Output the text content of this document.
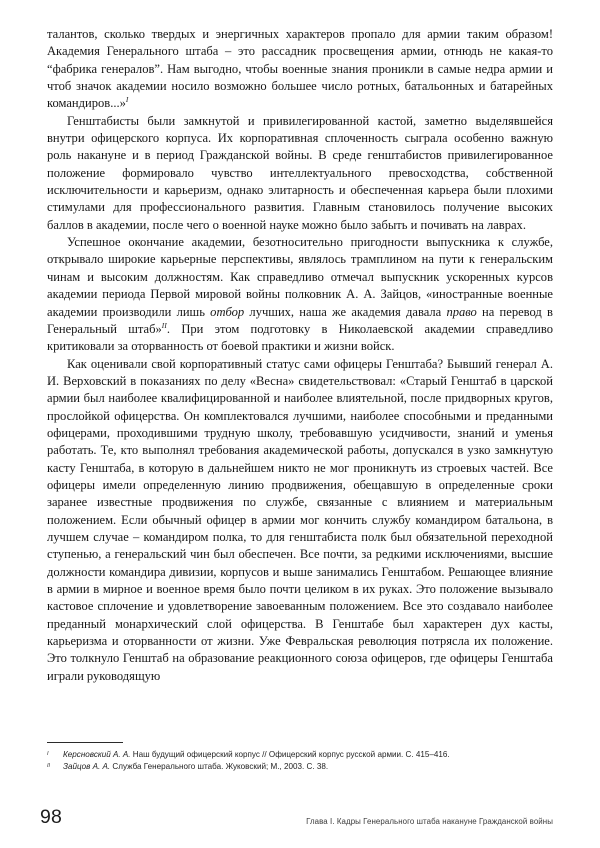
талантов, сколько твердых и энергичных характеров пропало для армии таким образом! Академия Генерального штаба – это рассадник просвещения армии, отнюдь не какая-то “фабрика генералов”. Нам выгодно, чтобы военные знания проникли в самые недра армии и чтоб значок академии носило возможно большее число ротных, батальонных и батарейных командиров...»$^I$

Генштабисты были замкнутой и привилегированной кастой, заметно выделявшейся внутри офицерского корпуса. Их корпоративная сплоченность сыграла особенно важную роль накануне и в период Гражданской войны. В среде генштабистов привилегированное положение формировало чувство интеллектуального превосходства, собственной исключительности и карьеризм, однако элитарность и обеспеченная карьера были плохими стимулами для профессионального развития. Главным становилось получение высоких баллов в академии, после чего о военной науке можно было забыть и почивать на лаврах.

Успешное окончание академии, безотносительно пригодности выпускника к службе, открывало широкие карьерные перспективы, являлось трамплином на пути к генеральским чинам и высоким должностям. Как справедливо отмечал выпускник ускоренных курсов академии периода Первой мировой войны полковник А. А. Зайцов, «иностранные военные академии производили лишь отбор лучших, наша же академия давала право на перевод в Генеральный штаб»$^{II}$. При этом подготовку в Николаевской академии справедливо критиковали за оторванность от боевой практики и жизни войск.

Как оценивали свой корпоративный статус сами офицеры Генштаба? Бывший генерал А. И. Верховский в показаниях по делу «Весна» свидетельствовал: «Старый Генштаб в царской армии был наиболее квалифицированной и наиболее влиятельной, после придворных кругов, прослойкой офицерства. Он комплектовался лучшими, наиболее способными и преданными офицерами, проходившими трудную школу, требовавшую усидчивости, знаний и уменья работать. Те, кто выполнял требования академической работы, допускался в узко замкнутую касту Генштаба, в которую в дальнейшем никто не мог проникнуть из строевых частей. Все офицеры имели определенную линию продвижения, обещавшую в определенные сроки заранее известные продвижения по службе, связанные с влиянием и материальным положением. Если обычный офицер в армии мог кончить службу командиром батальона, в лучшем случае – командиром полка, то для генштабиста полк был обязательной переходной ступенью, а генеральский чин был обеспечен. Все почти, за редкими исключениями, высшие должности командира дивизии, корпусов и выше занимались Генштабом. Решающее влияние в армии в мирное и военное время было почти целиком в их руках. Это положение вызывало кастовое сплочение и удовлетворение завоеванным положением. Все это создавало наиболее преданный монархический слой офицерства. В Генштабе был характерен дух касты, карьеризма и оторванности от жизни. Уже Февральская революция потрясла их положение. Это толкнуло Генштаб на образование реакционного союза офицеров, где офицеры Генштаба играли руководящую

I	Керсновский А. А. Наш будущий офицерский корпус // Офицерский корпус русской армии. С. 415–416.
II	Зайцов А. А. Служба Генерального штаба. Жуковский; М., 2003. С. 38.
98	Глава I. Кадры Генерального штаба накануне Гражданской войны
